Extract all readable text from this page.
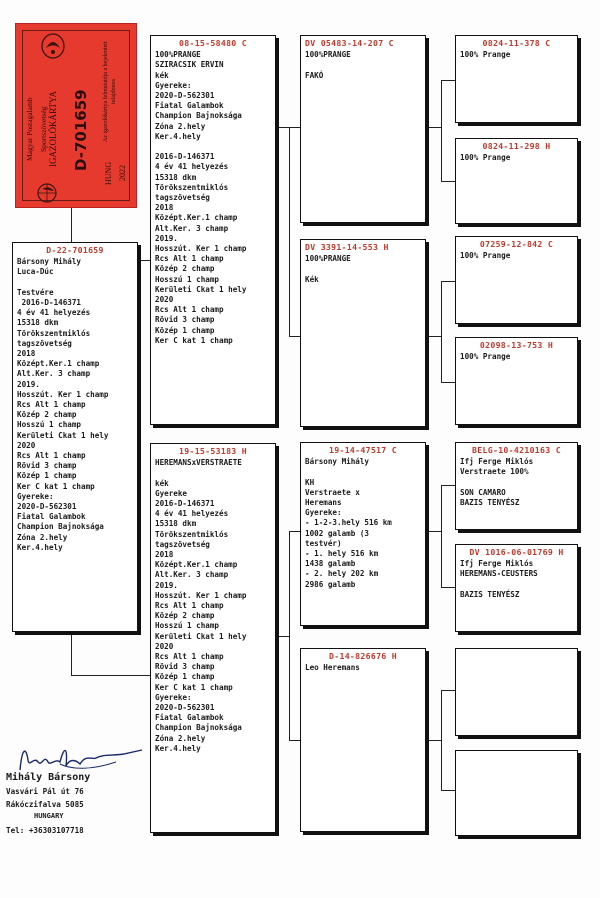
Magyar Postagalamb Sportszövetség IGAZOLÓKÁRTYA D-701659	Az igazolókártya felmutatója a bejelentett tulajdonos
HUNG 2022
D-22-701659
Bársony Mihály
Luca-Dúc

Testvére
2016-D-146371
4 év 41 helyezés
15318 dkm
Törökszentmiklós
tagszövetség
2018
Középt.Ker.1 champ
Alt.Ker. 3 champ
2019.
Hosszút. Ker 1 champ
Rcs Alt 1 champ
Közép 2 champ
Hosszú 1 champ
Kerületi Ckat 1 hely
2020
Rcs Alt 1 champ
Rövid 3 champ
Közép 1 champ
Ker C kat 1 champ
Gyereke:
2020-D-562301
Fiatal Galambok
Champion Bajnoksága
Zóna 2.hely
Ker.4.hely
08-15-58480 C
100%PRANGE
SZIRACSIK ERVIN
kék
Gyereke:
2020-D-562301
Fiatal Galambok
Champion Bajnoksága
Zóna 2.hely
Ker.4.hely

2016-D-146371
4 év 41 helyezés
15318 dkm
Törökszentmiklós
tagszövetség
2018
Középt.Ker.1 champ
Alt.Ker. 3 champ
2019.
Hosszút. Ker 1 champ
Rcs Alt 1 champ
Közép 2 champ
Hosszú 1 champ
Kerületi Ckat 1 hely
2020
Rcs Alt 1 champ
Rövid 3 champ
Közép 1 champ
Ker C kat 1 champ
19-15-53183 H
HEREMANSxVERSTRAETE

kék
Gyereke
2016-D-146371
4 év 41 helyezés
15318 dkm
Törökszentmiklós
tagszövetség
2018
Középt.Ker.1 champ
Alt.Ker. 3 champ
2019.
Hosszút. Ker 1 champ
Rcs Alt 1 champ
Közép 2 champ
Hosszú 1 champ
Kerületi Ckat 1 hely
2020
Rcs Alt 1 champ
Rövid 3 champ
Közép 1 champ
Ker C kat 1 champ
Gyereke:
2020-D-562301
Fiatal Galambok
Champion Bajnoksága
Zóna 2.hely
Ker.4.hely
DV 05483-14-207 C
100%PRANGE

FAKÓ
DV 3391-14-553 H
100%PRANGE

Kék
19-14-47517 C
Bársony Mihály

KH
Verstraete x
Heremans
Gyereke:
- 1-2-3.hely 516 km
1002 galamb (3
testvér)
- 1. hely 516 km
1438 galamb
- 2. hely 202 km
2986 galamb
D-14-826676 H
Leo Heremans
0824-11-378 C
100% Prange
0824-11-298 H
100% Prange
07259-12-842 C
100% Prange
02098-13-753 H
100% Prange
BELG-10-4210163 C
Ifj Ferge Miklós
Verstraete 100%

SON CAMARO
BAZIS TENYÉSZ
DV 1016-06-01769 H
Ifj Ferge Miklós
HEREMANS-CEUSTERS

BAZIS TENYÉSZ
Mihály Bársony
Vasvári Pál út 76
Rákóczifalva 5085
HUNGARY
Tel: +36303107718
